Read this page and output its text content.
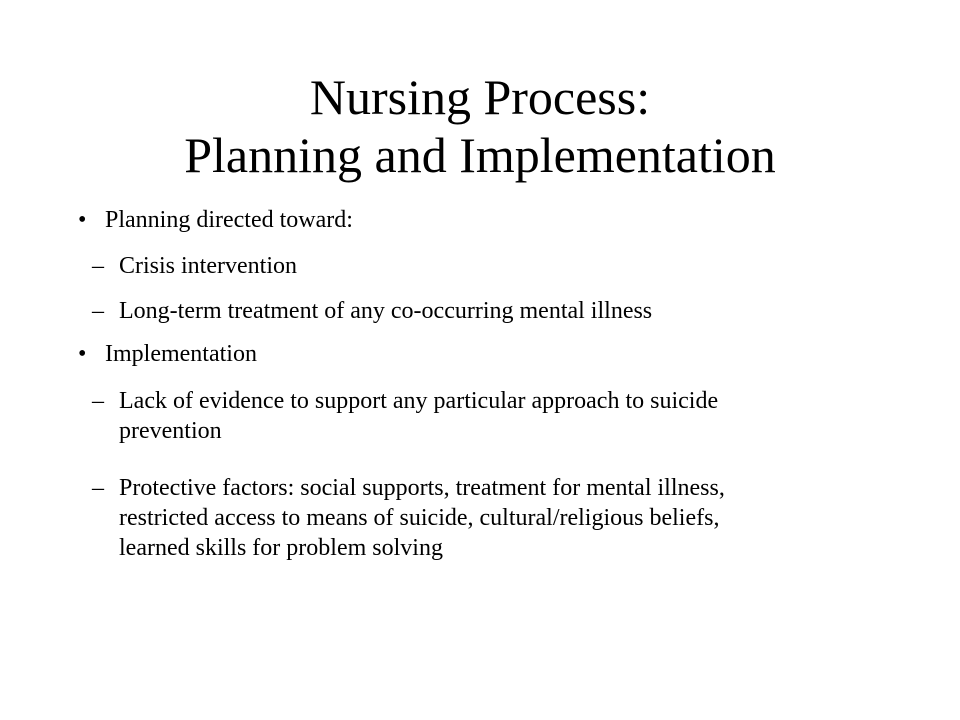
Nursing Process:
Planning and Implementation
• Planning directed toward:
– Crisis intervention
– Long-term treatment of any co-occurring mental illness
• Implementation
– Lack of evidence to support any particular approach to suicide
prevention
– Protective factors: social supports, treatment for mental illness,
restricted access to means of suicide, cultural/religious beliefs,
learned skills for problem solving
